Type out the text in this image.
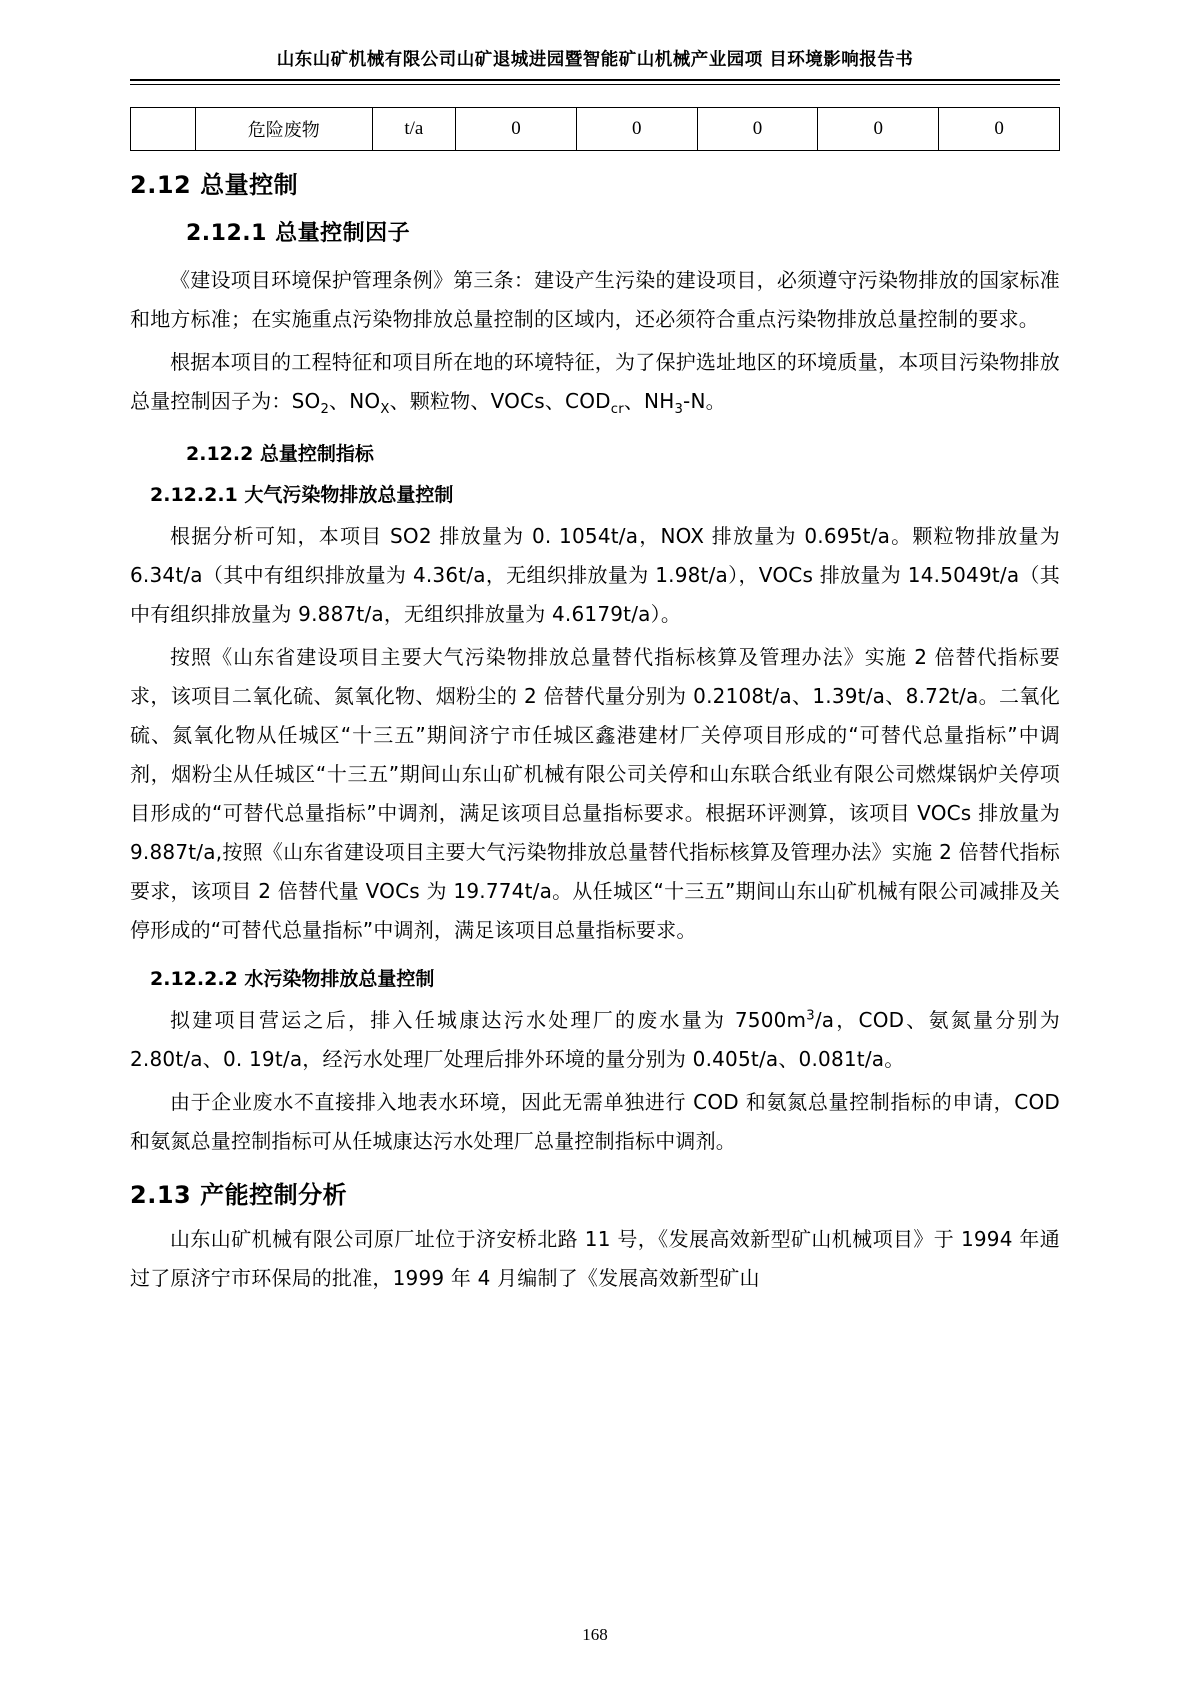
山东山矿机械有限公司山矿退城进园暨智能矿山机械产业园项 目环境影响报告书
	危险废物	t/a	0	0	0	0	0
2.12 总量控制
2.12.1 总量控制因子

《建设项目环境保护管理条例》第三条：建设产生污染的建设项目，必须遵守污染物排放的国家标准和地方标准；在实施重点污染物排放总量控制的区域内，还必须符合重点污染物排放总量控制的要求。

根据本项目的工程特征和项目所在地的环境特征，为了保护选址地区的环境质量，本项目污染物排放总量控制因子为：$SO_2$、$NO_X$、颗粒物、VOCs、$COD_{cr}$、$NH_3-N$。

2.12.2 总量控制指标
2.12.2.1 大气污染物排放总量控制

根据分析可知，本项目 SO2 排放量为 0. 1054t/a，NOX 排放量为 0.695t/a。颗粒物排放量为 6.34t/a（其中有组织排放量为 4.36t/a，无组织排放量为 1.98t/a），VOCs 排放量为 14.5049t/a（其中有组织排放量为 9.887t/a，无组织排放量为 4.6179t/a）。

按照《山东省建设项目主要大气污染物排放总量替代指标核算及管理办法》实施 2 倍替代指标要求，该项目二氧化硫、氮氧化物、烟粉尘的 2 倍替代量分别为 0.2108t/a、1.39t/a、8.72t/a。二氧化硫、氮氧化物从任城区“十三五”期间济宁市任城区鑫港建材厂关停项目形成的“可替代总量指标”中调剂，烟粉尘从任城区“十三五”期间山东山矿机械有限公司关停和山东联合纸业有限公司燃煤锅炉关停项目形成的“可替代总量指标”中调剂，满足该项目总量指标要求。根据环评测算，该项目 VOCs 排放量为 9.887t/a,按照《山东省建设项目主要大气污染物排放总量替代指标核算及管理办法》实施 2 倍替代指标要求，该项目 2 倍替代量 VOCs 为 19.774t/a。从任城区“十三五”期间山东山矿机械有限公司减排及关停形成的“可替代总量指标”中调剂，满足该项目总量指标要求。

2.12.2.2 水污染物排放总量控制

拟建项目营运之后，排入任城康达污水处理厂的废水量为 $7500m^3/a$，COD、氨氮量分别为 2.80t/a、0. 19t/a，经污水处理厂处理后排外环境的量分别为 0.405t/a、0.081t/a。

由于企业废水不直接排入地表水环境，因此无需单独进行 COD 和氨氮总量控制指标的申请，COD 和氨氮总量控制指标可从任城康达污水处理厂总量控制指标中调剂。

2.13 产能控制分析

山东山矿机械有限公司原厂址位于济安桥北路 11 号，《发展高效新型矿山机械项目》于 1994 年通过了原济宁市环保局的批准，1999 年 4 月编制了《发展高效新型矿山

168
